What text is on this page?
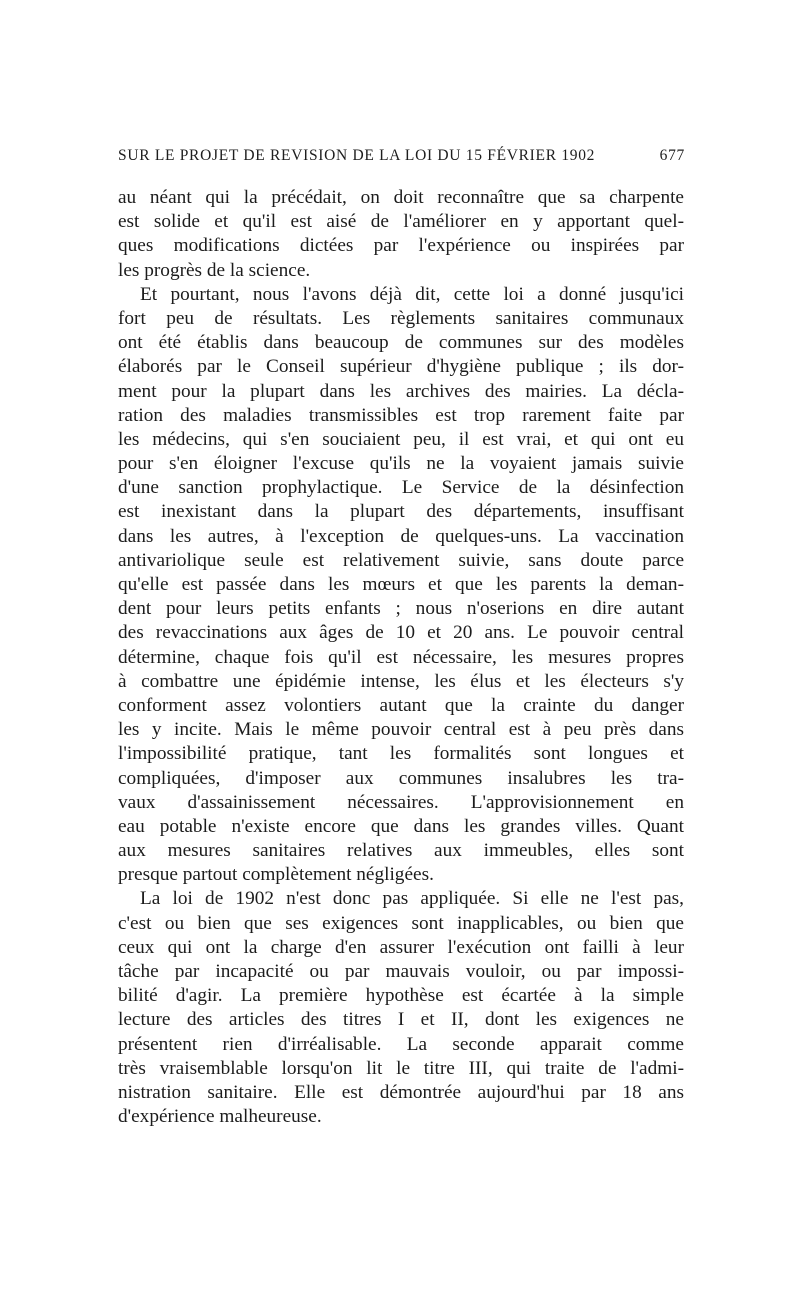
SUR LE PROJET DE REVISION DE LA LOI DU 15 FÉVRIER 1902	677
au néant qui la précédait, on doit reconnaître que sa charpente
est solide et qu'il est aisé de l'améliorer en y apportant quel-
ques modifications dictées par l'expérience ou inspirées par
les progrès de la science.
Et pourtant, nous l'avons déjà dit, cette loi a donné jusqu'ici
fort peu de résultats. Les règlements sanitaires communaux
ont été établis dans beaucoup de communes sur des modèles
élaborés par le Conseil supérieur d'hygiène publique ; ils dor-
ment pour la plupart dans les archives des mairies. La décla-
ration des maladies transmissibles est trop rarement faite par
les médecins, qui s'en souciaient peu, il est vrai, et qui ont eu
pour s'en éloigner l'excuse qu'ils ne la voyaient jamais suivie
d'une sanction prophylactique. Le Service de la désinfection
est inexistant dans la plupart des départements, insuffisant
dans les autres, à l'exception de quelques-uns. La vaccination
antivariolique seule est relativement suivie, sans doute parce
qu'elle est passée dans les mœurs et que les parents la deman-
dent pour leurs petits enfants ; nous n'oserions en dire autant
des revaccinations aux âges de 10 et 20 ans. Le pouvoir central
détermine, chaque fois qu'il est nécessaire, les mesures propres
à combattre une épidémie intense, les élus et les électeurs s'y
conforment assez volontiers autant que la crainte du danger
les y incite. Mais le même pouvoir central est à peu près dans
l'impossibilité pratique, tant les formalités sont longues et
compliquées, d'imposer aux communes insalubres les tra-
vaux d'assainissement nécessaires. L'approvisionnement en
eau potable n'existe encore que dans les grandes villes. Quant
aux mesures sanitaires relatives aux immeubles, elles sont
presque partout complètement négligées.
La loi de 1902 n'est donc pas appliquée. Si elle ne l'est pas,
c'est ou bien que ses exigences sont inapplicables, ou bien que
ceux qui ont la charge d'en assurer l'exécution ont failli à leur
tâche par incapacité ou par mauvais vouloir, ou par impossi-
bilité d'agir. La première hypothèse est écartée à la simple
lecture des articles des titres I et II, dont les exigences ne
présentent rien d'irréalisable. La seconde apparait comme
très vraisemblable lorsqu'on lit le titre III, qui traite de l'admi-
nistration sanitaire. Elle est démontrée aujourd'hui par 18 ans
d'expérience malheureuse.
